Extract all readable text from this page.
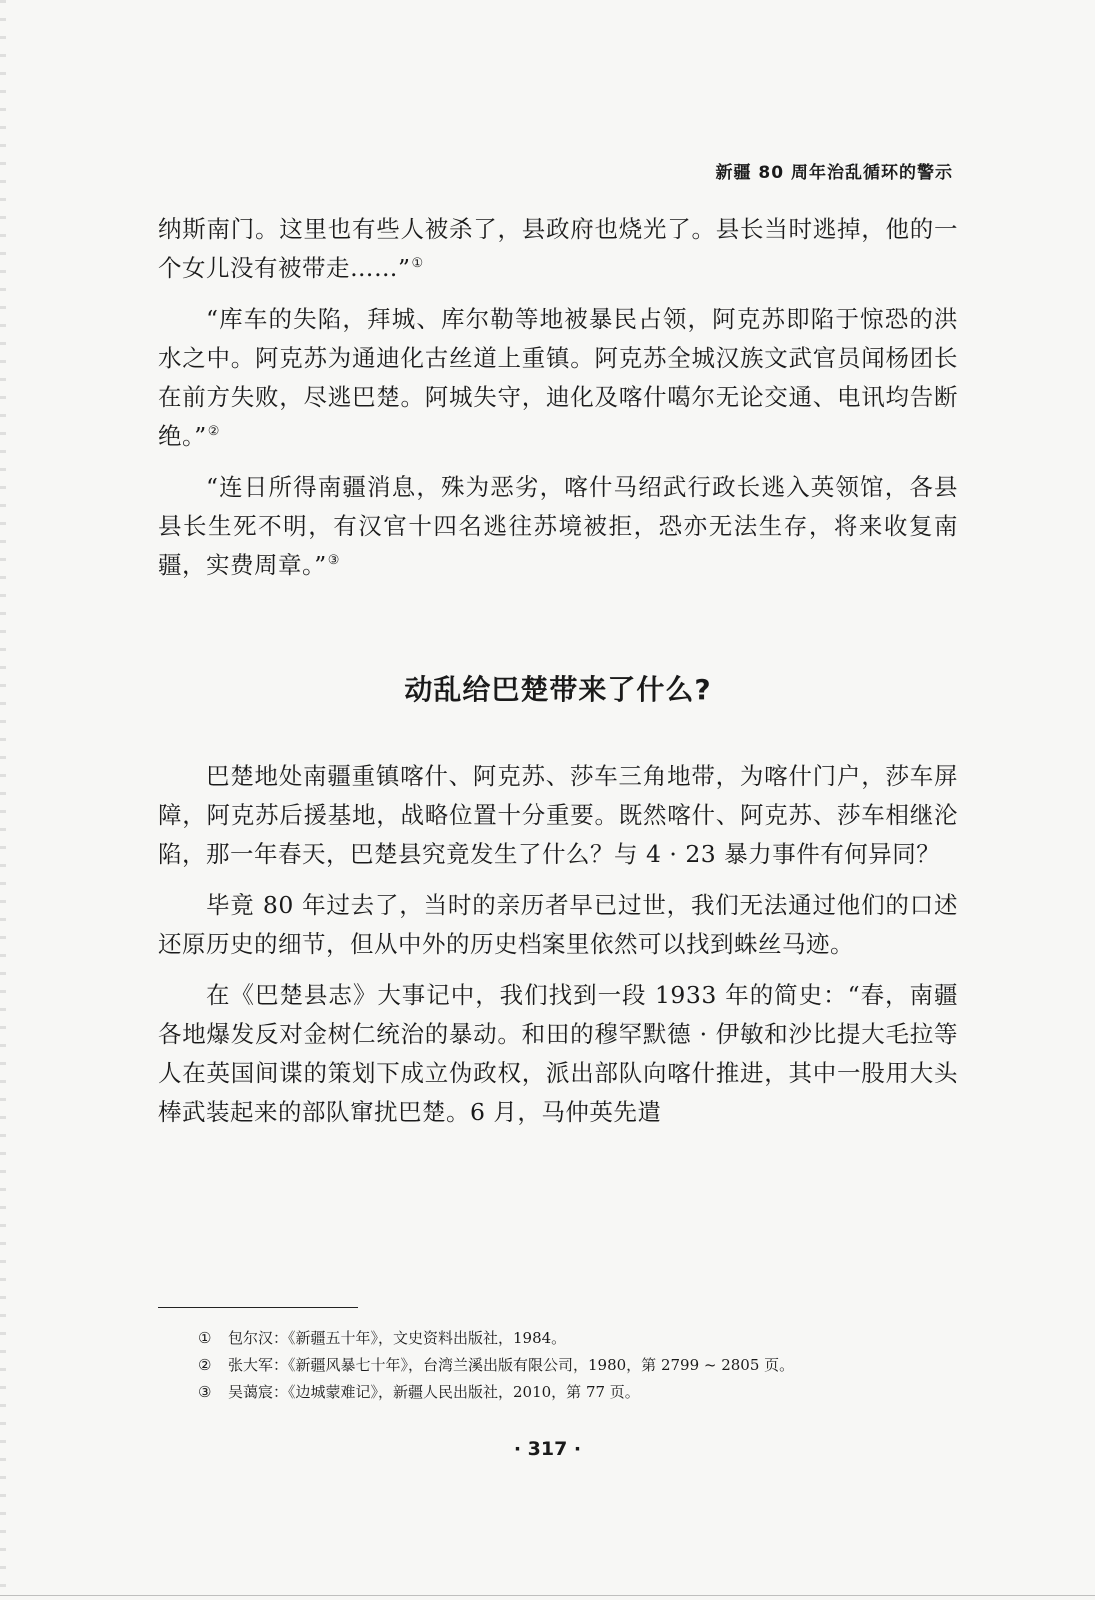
新疆 80 周年治乱循环的警示

纳斯南门。这里也有些人被杀了，县政府也烧光了。县长当时逃掉，他的一个女儿没有被带走……”①

“库车的失陷，拜城、库尔勒等地被暴民占领，阿克苏即陷于惊恐的洪水之中。阿克苏为通迪化古丝道上重镇。阿克苏全城汉族文武官员闻杨团长在前方失败，尽逃巴楚。阿城失守，迪化及喀什噶尔无论交通、电讯均告断绝。”②

“连日所得南疆消息，殊为恶劣，喀什马绍武行政长逃入英领馆，各县县长生死不明，有汉官十四名逃往苏境被拒，恐亦无法生存，将来收复南疆，实费周章。”③

动乱给巴楚带来了什么?

巴楚地处南疆重镇喀什、阿克苏、莎车三角地带，为喀什门户，莎车屏障，阿克苏后援基地，战略位置十分重要。既然喀什、阿克苏、莎车相继沦陷，那一年春天，巴楚县究竟发生了什么？与 4 · 23 暴力事件有何异同？

毕竟 80 年过去了，当时的亲历者早已过世，我们无法通过他们的口述还原历史的细节，但从中外的历史档案里依然可以找到蛛丝马迹。

在《巴楚县志》大事记中，我们找到一段 1933 年的简史：“春，南疆各地爆发反对金树仁统治的暴动。和田的穆罕默德 · 伊敏和沙比提大毛拉等人在英国间谍的策划下成立伪政权，派出部队向喀什推进，其中一股用大头棒武装起来的部队窜扰巴楚。6 月，马仲英先遣

① 包尔汉：《新疆五十年》，文史资料出版社，1984。
② 张大军：《新疆风暴七十年》，台湾兰溪出版有限公司，1980，第 2799 ~ 2805 页。
③ 吴蔼宸：《边城蒙难记》，新疆人民出版社，2010，第 77 页。
· 317 ·
